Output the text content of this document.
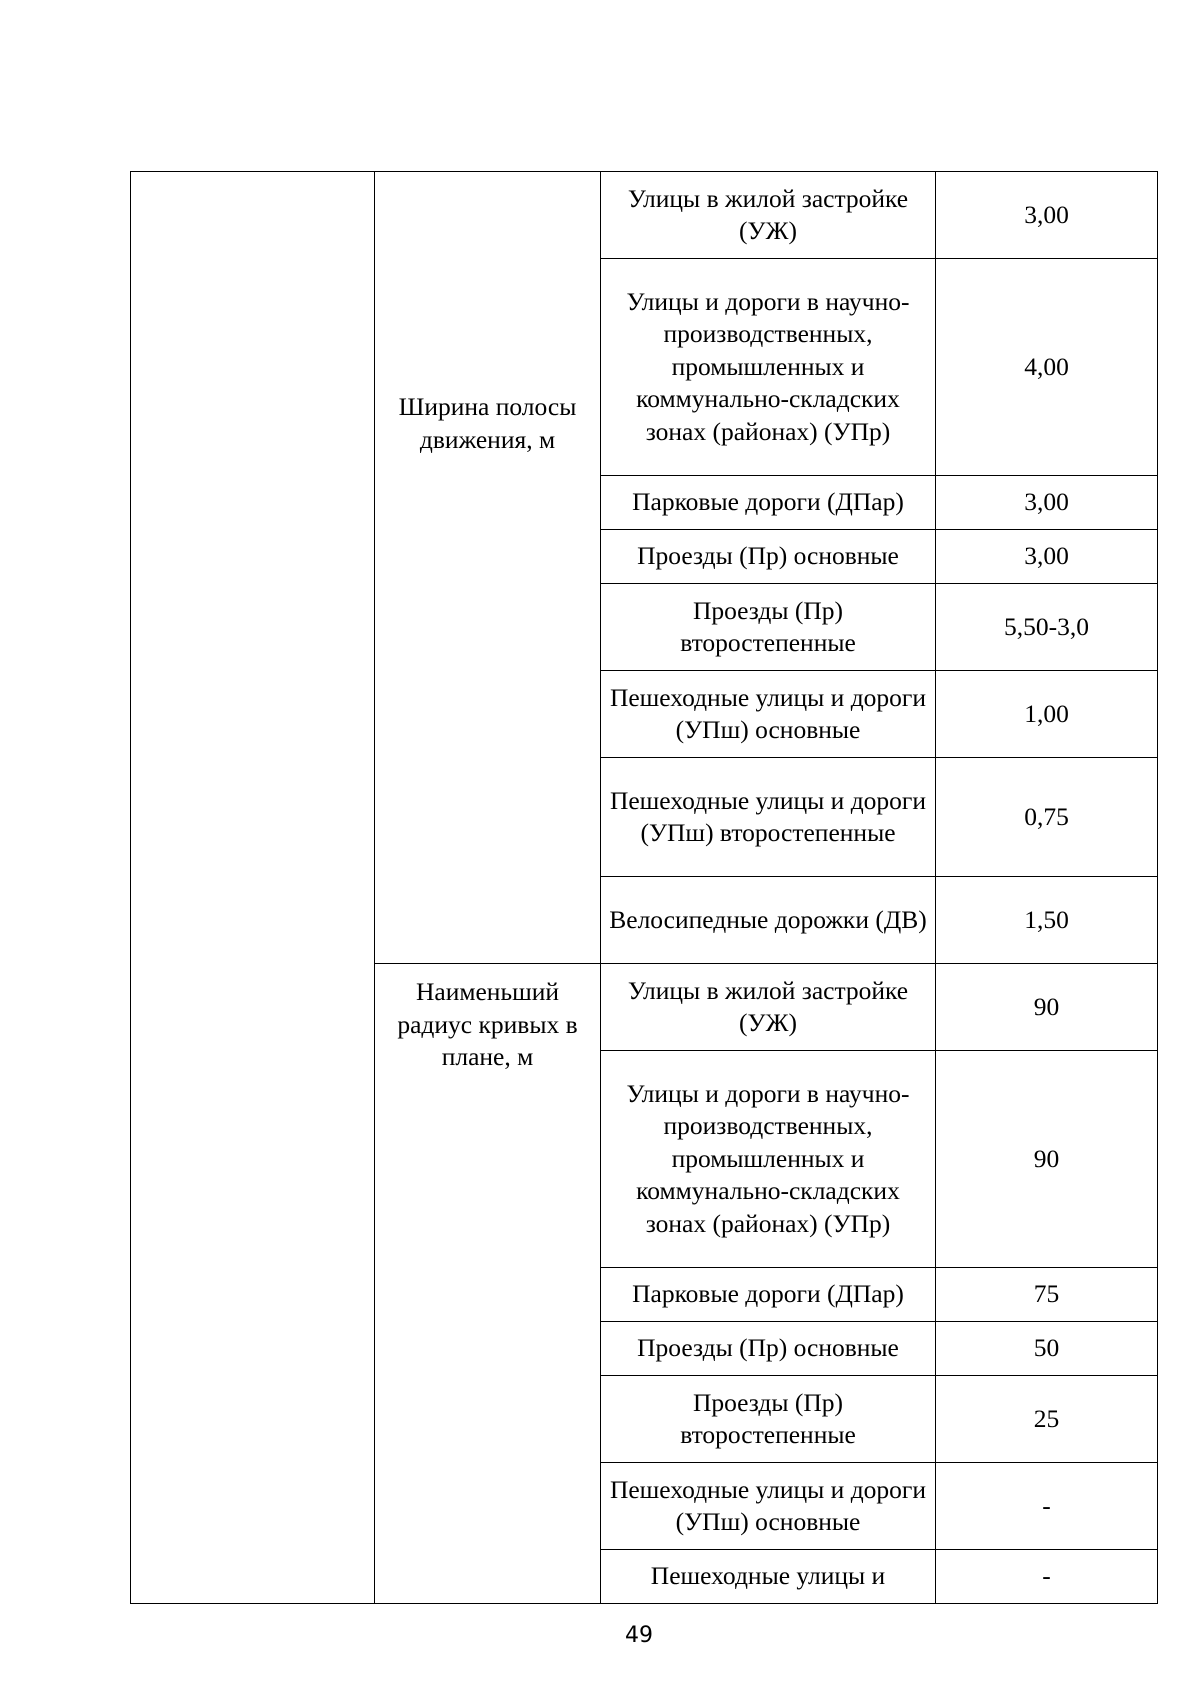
	Ширина полосы движения, м	Улицы в жилой застройке (УЖ)	3,00
		Улицы и дороги в научно-производственных, промышленных и коммунально-складских зонах (районах) (УПр)	4,00
		Парковые дороги (ДПар)	3,00
		Проезды (Пр) основные	3,00
		Проезды (Пр) второстепенные	5,50-3,0
		Пешеходные улицы и дороги (УПш) основные	1,00
		Пешеходные улицы и дороги (УПш) второстепенные	0,75
		Велосипедные дорожки (ДВ)	1,50
	Наименьший радиус кривых в плане, м	Улицы в жилой застройке (УЖ)	90
		Улицы и дороги в научно-производственных, промышленных и коммунально-складских зонах (районах) (УПр)	90
		Парковые дороги (ДПар)	75
		Проезды (Пр) основные	50
		Проезды (Пр) второстепенные	25
		Пешеходные улицы и дороги (УПш) основные	-
		Пешеходные улицы и	-
49
